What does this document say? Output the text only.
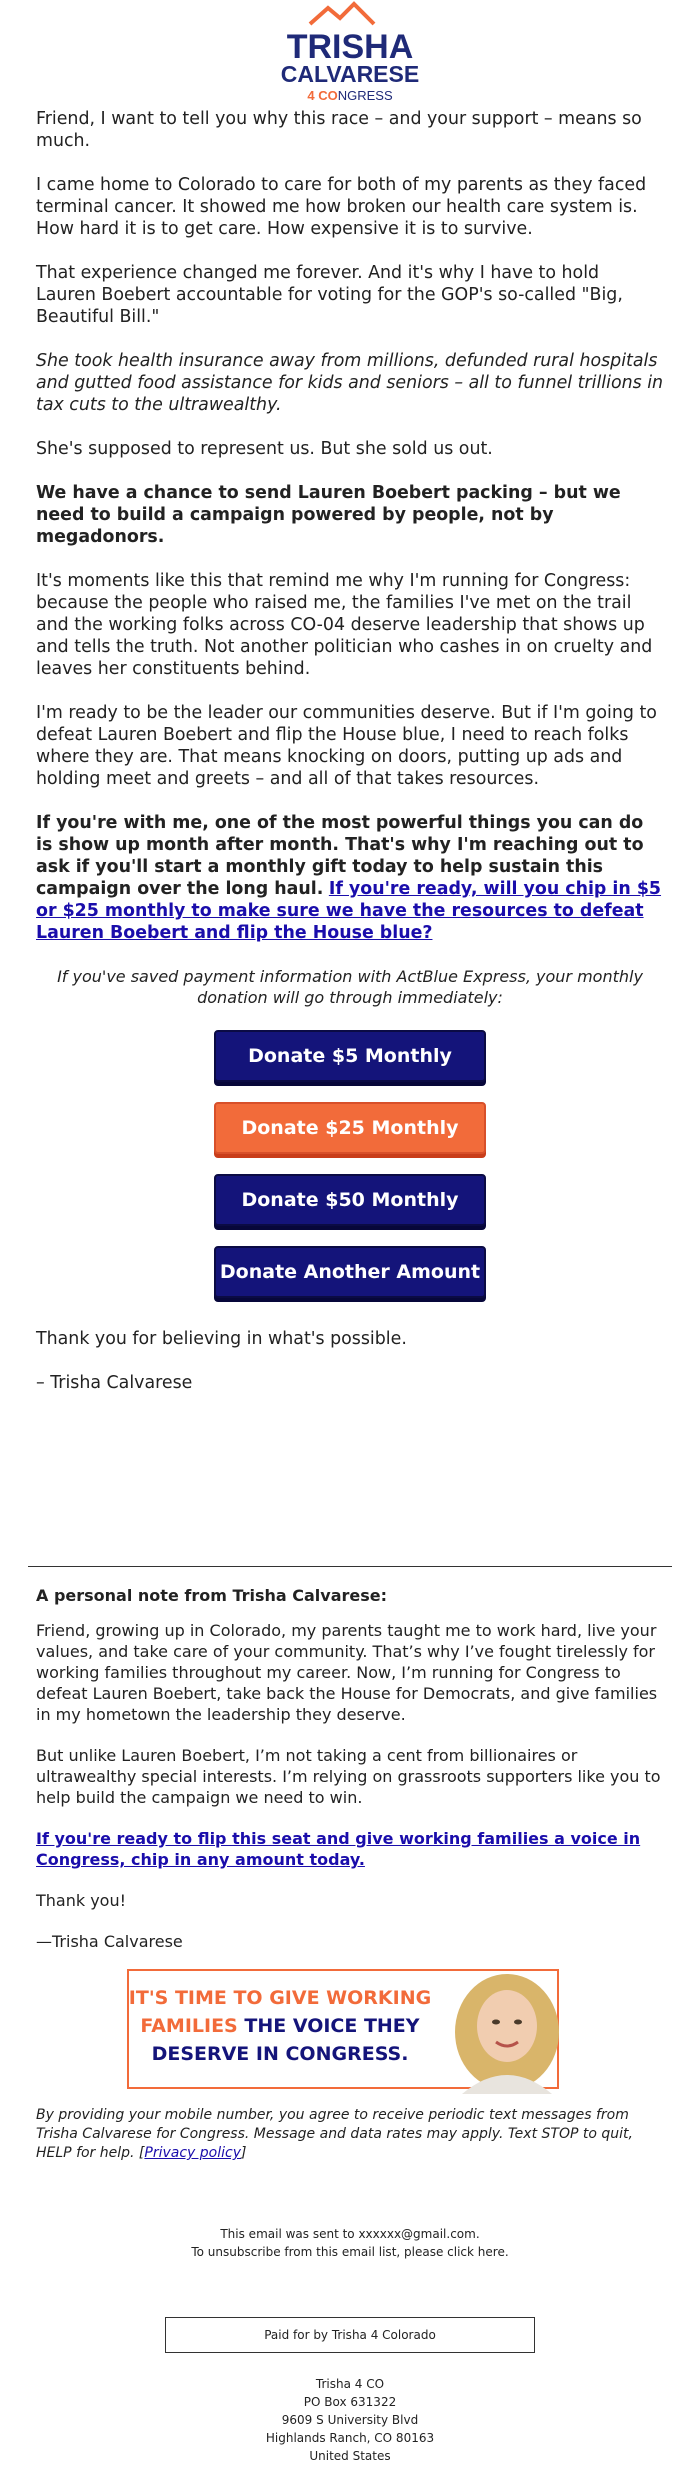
TRISHA
CALVARESE
4 CONGRESS

Friend, I want to tell you why this race – and your support – means so much.

I came home to Colorado to care for both of my parents as they faced terminal cancer. It showed me how broken our health care system is. How hard it is to get care. How expensive it is to survive.

That experience changed me forever. And it's why I have to hold Lauren Boebert accountable for voting for the GOP's so-called "Big, Beautiful Bill."

She took health insurance away from millions, defunded rural hospitals and gutted food assistance for kids and seniors – all to funnel trillions in tax cuts to the ultrawealthy.

She's supposed to represent us. But she sold us out.

We have a chance to send Lauren Boebert packing – but we need to build a campaign powered by people, not by megadonors.

It's moments like this that remind me why I'm running for Congress: because the people who raised me, the families I've met on the trail and the working folks across CO-04 deserve leadership that shows up and tells the truth. Not another politician who cashes in on cruelty and leaves her constituents behind.

I'm ready to be the leader our communities deserve. But if I'm going to defeat Lauren Boebert and flip the House blue, I need to reach folks where they are. That means knocking on doors, putting up ads and holding meet and greets – and all of that takes resources.

If you're with me, one of the most powerful things you can do is show up month after month. That's why I'm reaching out to ask if you'll start a monthly gift today to help sustain this campaign over the long haul. If you're ready, will you chip in $5 or $25 monthly to make sure we have the resources to defeat Lauren Boebert and flip the House blue?

If you've saved payment information with ActBlue Express, your monthly donation will go through immediately:

Donate $5 Monthly
Donate $25 Monthly
Donate $50 Monthly
Donate Another Amount

Thank you for believing in what's possible.

– Trisha Calvarese

A personal note from Trisha Calvarese:

Friend, growing up in Colorado, my parents taught me to work hard, live your values, and take care of your community. That’s why I’ve fought tirelessly for working families throughout my career. Now, I’m running for Congress to defeat Lauren Boebert, take back the House for Democrats, and give families in my hometown the leadership they deserve.

But unlike Lauren Boebert, I’m not taking a cent from billionaires or ultrawealthy special interests. I’m relying on grassroots supporters like you to help build the campaign we need to win.

If you're ready to flip this seat and give working families a voice in Congress, chip in any amount today.

Thank you!

—Trisha Calvarese

IT'S TIME TO GIVE WORKING
FAMILIES THE VOICE THEY
DESERVE IN CONGRESS.

By providing your mobile number, you agree to receive periodic text messages from Trisha Calvarese for Congress. Message and data rates may apply. Text STOP to quit, HELP for help. [Privacy policy]

This email was sent to xxxxxx@gmail.com.
To unsubscribe from this email list, please click here.
Paid for by Trisha 4 Colorado
Trisha 4 CO
PO Box 631322
9609 S University Blvd
Highlands Ranch, CO 80163
United States
